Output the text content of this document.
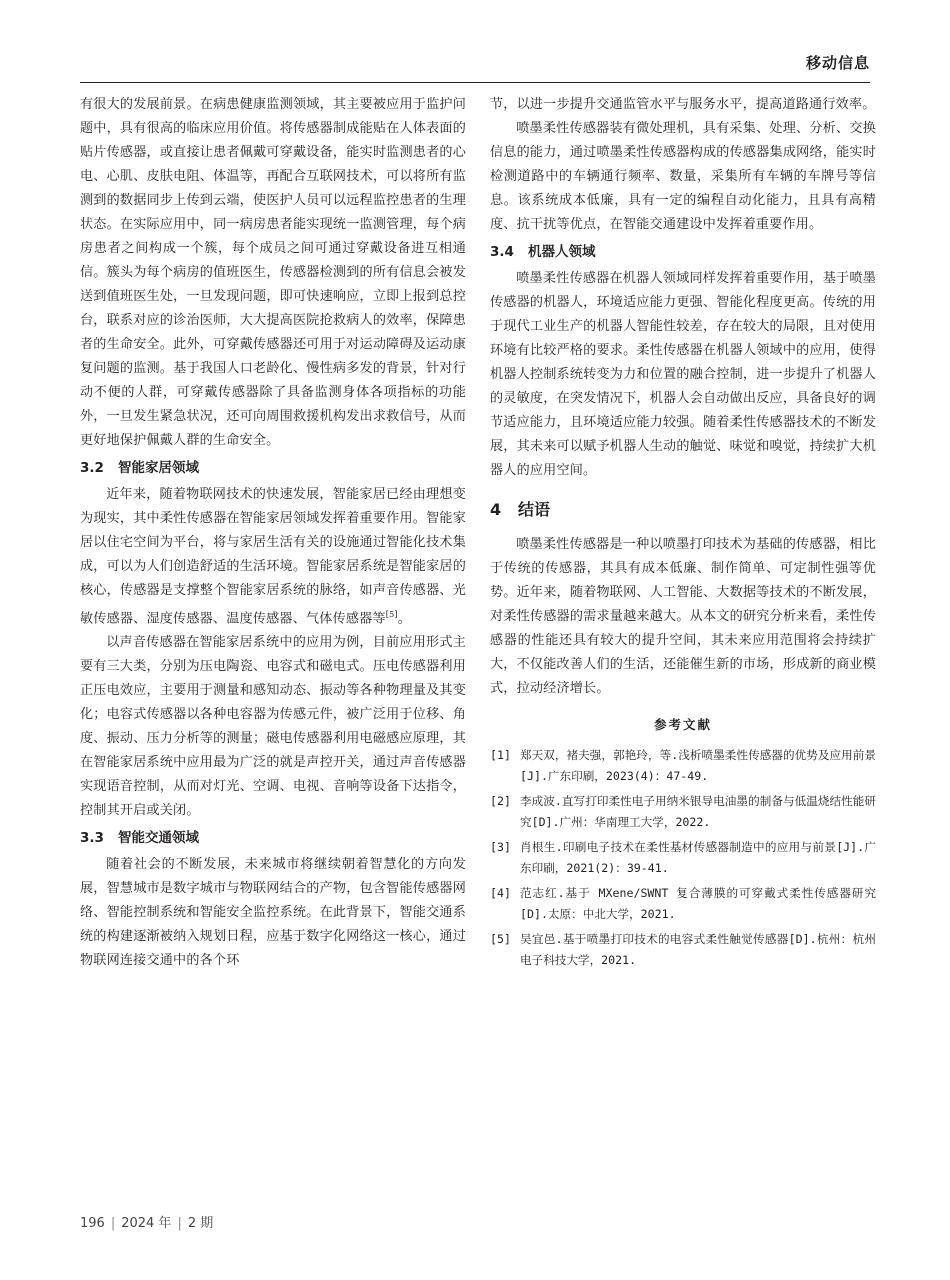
移动信息

有很大的发展前景。在病患健康监测领域，其主要被应用于监护问题中，具有很高的临床应用价值。将传感器制成能贴在人体表面的贴片传感器，或直接让患者佩戴可穿戴设备，能实时监测患者的心电、心肌、皮肤电阻、体温等，再配合互联网技术，可以将所有监测到的数据同步上传到云端，使医护人员可以远程监控患者的生理状态。在实际应用中，同一病房患者能实现统一监测管理，每个病房患者之间构成一个簇，每个成员之间可通过穿戴设备进互相通信。簇头为每个病房的值班医生，传感器检测到的所有信息会被发送到值班医生处，一旦发现问题，即可快速响应，立即上报到总控台，联系对应的诊治医师，大大提高医院抢救病人的效率，保障患者的生命安全。此外，可穿戴传感器还可用于对运动障碍及运动康复问题的监测。基于我国人口老龄化、慢性病多发的背景，针对行动不便的人群，可穿戴传感器除了具备监测身体各项指标的功能外，一旦发生紧急状况，还可向周围救援机构发出求救信号，从而更好地保护佩戴人群的生命安全。

3.2 智能家居领域

近年来，随着物联网技术的快速发展，智能家居已经由理想变为现实，其中柔性传感器在智能家居领域发挥着重要作用。智能家居以住宅空间为平台，将与家居生活有关的设施通过智能化技术集成，可以为人们创造舒适的生活环境。智能家居系统是智能家居的核心，传感器是支撑整个智能家居系统的脉络，如声音传感器、光敏传感器、湿度传感器、温度传感器、气体传感器等[5]。

以声音传感器在智能家居系统中的应用为例，目前应用形式主要有三大类，分别为压电陶瓷、电容式和磁电式。压电传感器利用正压电效应，主要用于测量和感知动态、振动等各种物理量及其变化；电容式传感器以各种电容器为传感元件，被广泛用于位移、角度、振动、压力分析等的测量；磁电传感器利用电磁感应原理，其在智能家居系统中应用最为广泛的就是声控开关，通过声音传感器实现语音控制，从而对灯光、空调、电视、音响等设备下达指令，控制其开启或关闭。

3.3 智能交通领域

随着社会的不断发展，未来城市将继续朝着智慧化的方向发展，智慧城市是数字城市与物联网结合的产物，包含智能传感器网络、智能控制系统和智能安全监控系统。在此背景下，智能交通系统的构建逐渐被纳入规划日程，应基于数字化网络这一核心，通过物联网连接交通中的各个环

节，以进一步提升交通监管水平与服务水平，提高道路通行效率。

喷墨柔性传感器装有微处理机，具有采集、处理、分析、交换信息的能力，通过喷墨柔性传感器构成的传感器集成网络，能实时检测道路中的车辆通行频率、数量，采集所有车辆的车牌号等信息。该系统成本低廉，具有一定的编程自动化能力，且具有高精度、抗干扰等优点，在智能交通建设中发挥着重要作用。

3.4 机器人领域

喷墨柔性传感器在机器人领域同样发挥着重要作用，基于喷墨传感器的机器人，环境适应能力更强、智能化程度更高。传统的用于现代工业生产的机器人智能性较差，存在较大的局限，且对使用环境有比较严格的要求。柔性传感器在机器人领域中的应用，使得机器人控制系统转变为力和位置的融合控制，进一步提升了机器人的灵敏度，在突发情况下，机器人会自动做出反应，具备良好的调节适应能力，且环境适应能力较强。随着柔性传感器技术的不断发展，其未来可以赋予机器人生动的触觉、味觉和嗅觉，持续扩大机器人的应用空间。

4 结语

喷墨柔性传感器是一种以喷墨打印技术为基础的传感器，相比于传统的传感器，其具有成本低廉、制作简单、可定制性强等优势。近年来，随着物联网、人工智能、大数据等技术的不断发展，对柔性传感器的需求量越来越大。从本文的研究分析来看，柔性传感器的性能还具有较大的提升空间，其未来应用范围将会持续扩大，不仅能改善人们的生活，还能催生新的市场，形成新的商业模式，拉动经济增长。

参考文献
[1] 郑天双，褚夫强，郭艳玲，等.浅析喷墨柔性传感器的优势及应用前景[J].广东印刷，2023(4)：47-49.
[2] 李成波.直写打印柔性电子用纳米银导电油墨的制备与低温烧结性能研究[D].广州：华南理工大学，2022.
[3] 肖根生.印刷电子技术在柔性基材传感器制造中的应用与前景[J].广东印刷，2021(2)：39-41.
[4] 范志红.基于 MXene/SWNT 复合薄膜的可穿戴式柔性传感器研究[D].太原：中北大学，2021.
[5] 吴宜邑.基于喷墨打印技术的电容式柔性触觉传感器[D].杭州：杭州电子科技大学，2021.
196 | 2024 年 | 2 期
